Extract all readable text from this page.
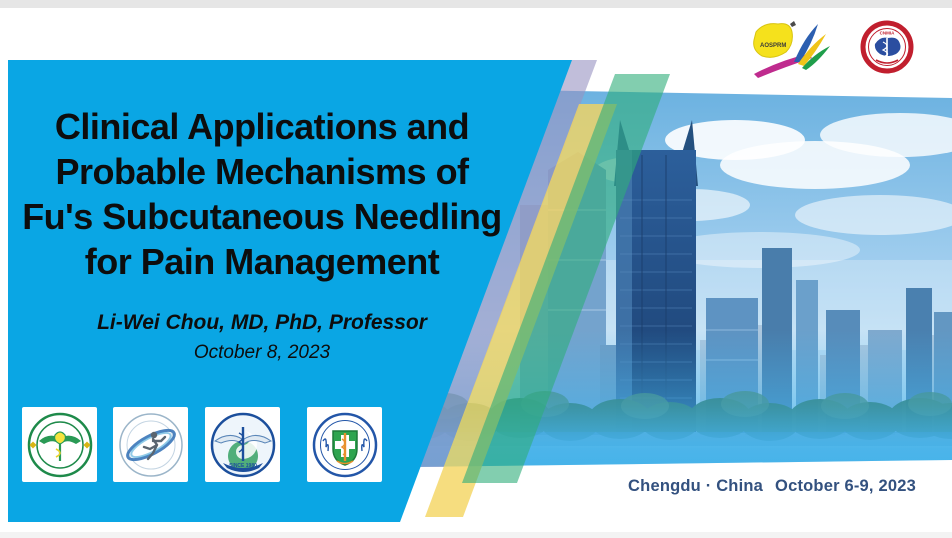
Clinical Applications and
Probable Mechanisms of
Fu's Subcutaneous Needling
for Pain Management
Li-Wei Chou, MD, PhD, Professor
October 8, 2023
Chengdu · China October 6-9, 2023
AOSPRM
CNMIA
SINCE 1980
